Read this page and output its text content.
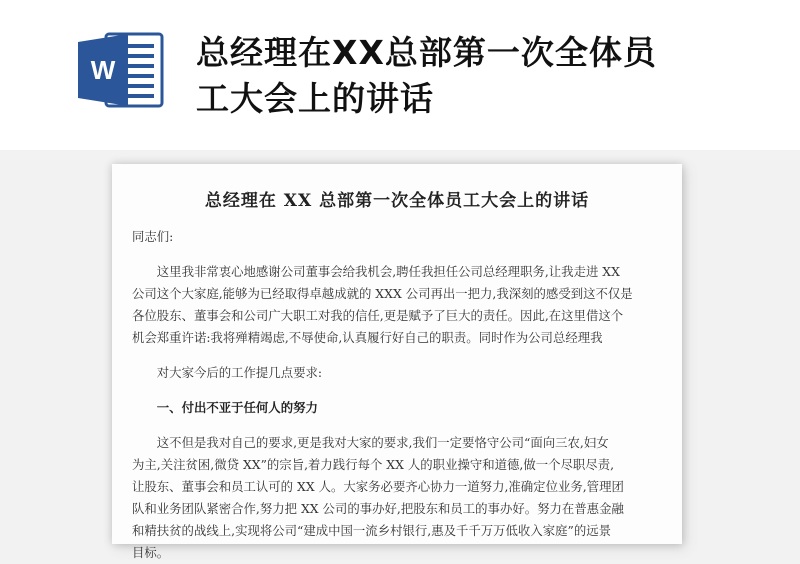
W 总经理在XX总部第一次全体员
工大会上的讲话
总经理在 XX 总部第一次全体员工大会上的讲话

同志们:

这里我非常衷心地感谢公司董事会给我机会,聘任我担任公司总经理职务,让我走进 XX

公司这个大家庭,能够为已经取得卓越成就的 XXX 公司再出一把力,我深刻的感受到这不仅是

各位股东、董事会和公司广大职工对我的信任,更是赋予了巨大的责任。因此,在这里借这个

机会郑重许诺:我将殚精竭虑,不辱使命,认真履行好自己的职责。同时作为公司总经理我

对大家今后的工作提几点要求:

一、付出不亚于任何人的努力

这不但是我对自己的要求,更是我对大家的要求,我们一定要恪守公司“面向三农,妇女

为主,关注贫困,微贷 XX”的宗旨,着力践行每个 XX 人的职业操守和道德,做一个尽职尽责,

让股东、董事会和员工认可的 XX 人。大家务必要齐心协力一道努力,准确定位业务,管理团

队和业务团队紧密合作,努力把 XX 公司的事办好,把股东和员工的事办好。努力在普惠金融

和精扶贫的战线上,实现将公司“建成中国一流乡村银行,惠及千千万万低收入家庭”的远景

目标。
